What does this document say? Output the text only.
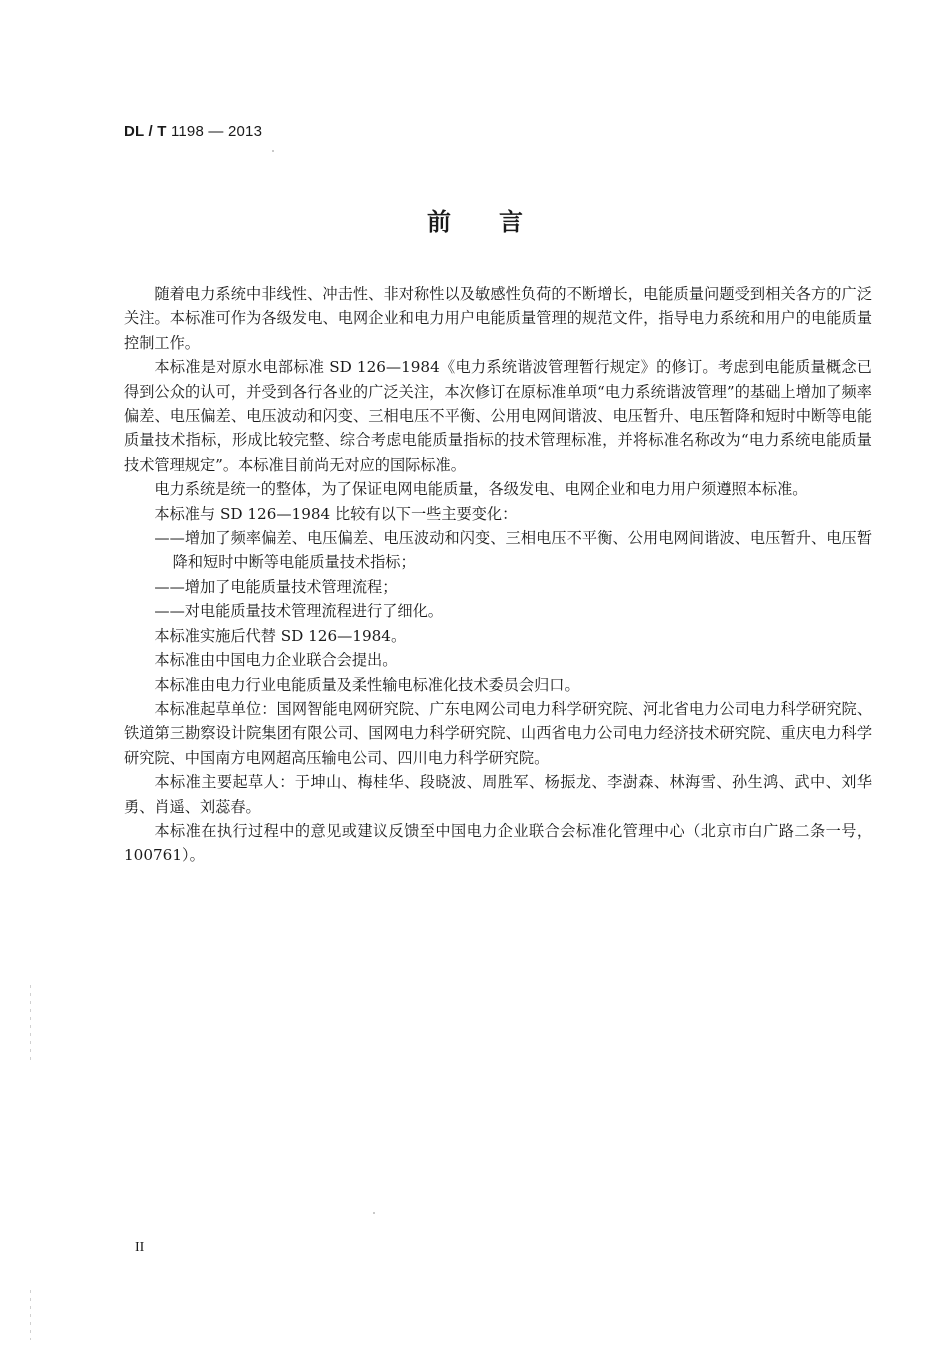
DL / T 1198 — 2013
前言

随着电力系统中非线性、冲击性、非对称性以及敏感性负荷的不断增长，电能质量问题受到相关各方的广泛关注。本标准可作为各级发电、电网企业和电力用户电能质量管理的规范文件，指导电力系统和用户的电能质量控制工作。

本标准是对原水电部标准 SD 126—1984《电力系统谐波管理暂行规定》的修订。考虑到电能质量概念已得到公众的认可，并受到各行各业的广泛关注，本次修订在原标准单项“电力系统谐波管理”的基础上增加了频率偏差、电压偏差、电压波动和闪变、三相电压不平衡、公用电网间谐波、电压暂升、电压暂降和短时中断等电能质量技术指标，形成比较完整、综合考虑电能质量指标的技术管理标准，并将标准名称改为“电力系统电能质量技术管理规定”。本标准目前尚无对应的国际标准。

电力系统是统一的整体，为了保证电网电能质量，各级发电、电网企业和电力用户须遵照本标准。

本标准与 SD 126—1984 比较有以下一些主要变化：

——增加了频率偏差、电压偏差、电压波动和闪变、三相电压不平衡、公用电网间谐波、电压暂升、电压暂降和短时中断等电能质量技术指标；

——增加了电能质量技术管理流程；

——对电能质量技术管理流程进行了细化。

本标准实施后代替 SD 126—1984。

本标准由中国电力企业联合会提出。

本标准由电力行业电能质量及柔性输电标准化技术委员会归口。

本标准起草单位：国网智能电网研究院、广东电网公司电力科学研究院、河北省电力公司电力科学研究院、铁道第三勘察设计院集团有限公司、国网电力科学研究院、山西省电力公司电力经济技术研究院、重庆电力科学研究院、中国南方电网超高压输电公司、四川电力科学研究院。

本标准主要起草人：于坤山、梅桂华、段晓波、周胜军、杨振龙、李澍森、林海雪、孙生鸿、武中、刘华勇、肖遥、刘蕊春。

本标准在执行过程中的意见或建议反馈至中国电力企业联合会标准化管理中心（北京市白广路二条一号，100761）。

II
